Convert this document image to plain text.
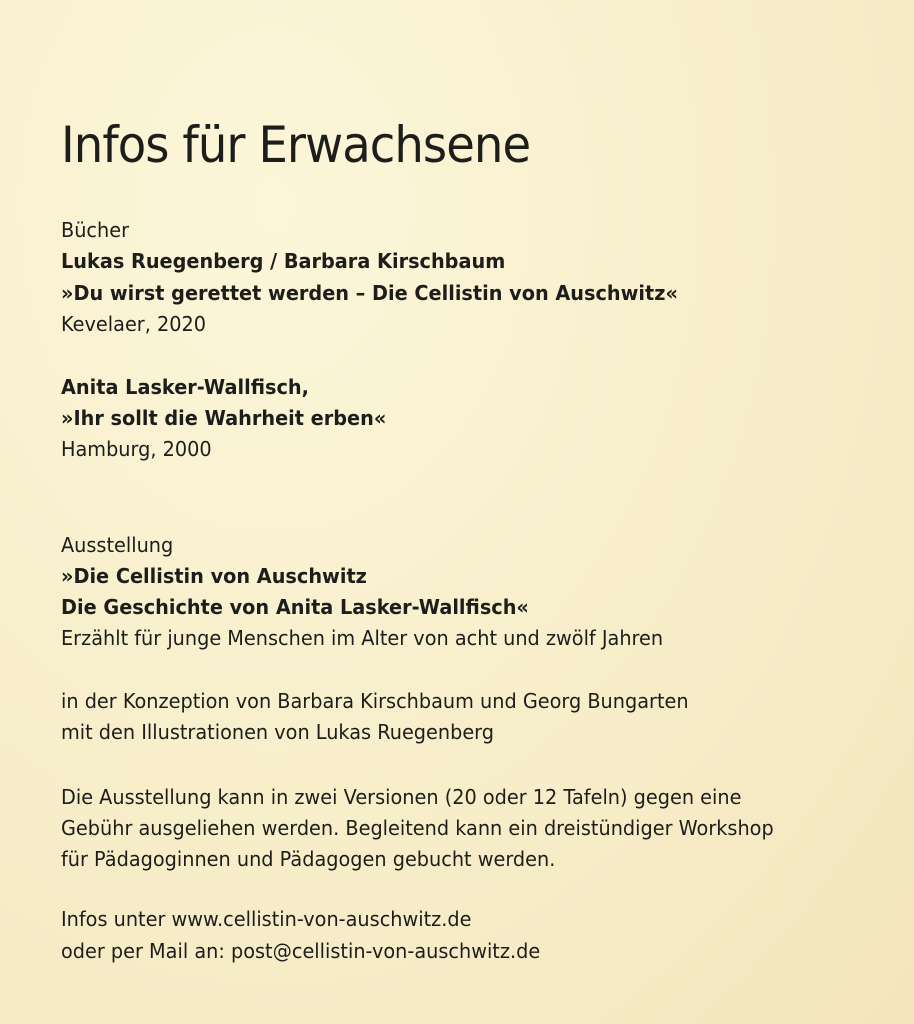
Infos für Erwachsene
Bücher
Lukas Ruegenberg / Barbara Kirschbaum
»Du wirst gerettet werden – Die Cellistin von Auschwitz«
Kevelaer, 2020
Anita Lasker-Wallfisch,
»Ihr sollt die Wahrheit erben«
Hamburg, 2000
Ausstellung
»Die Cellistin von Auschwitz
Die Geschichte von Anita Lasker-Wallfisch«
Erzählt für junge Menschen im Alter von acht und zwölf Jahren
in der Konzeption von Barbara Kirschbaum und Georg Bungarten
mit den Illustrationen von Lukas Ruegenberg
Die Ausstellung kann in zwei Versionen (20 oder 12 Tafeln) gegen eine
Gebühr ausgeliehen werden. Begleitend kann ein dreistündiger Workshop
für Pädagoginnen und Pädagogen gebucht werden.
Infos unter www.cellistin-von-auschwitz.de
oder per Mail an: post@cellistin-von-auschwitz.de
